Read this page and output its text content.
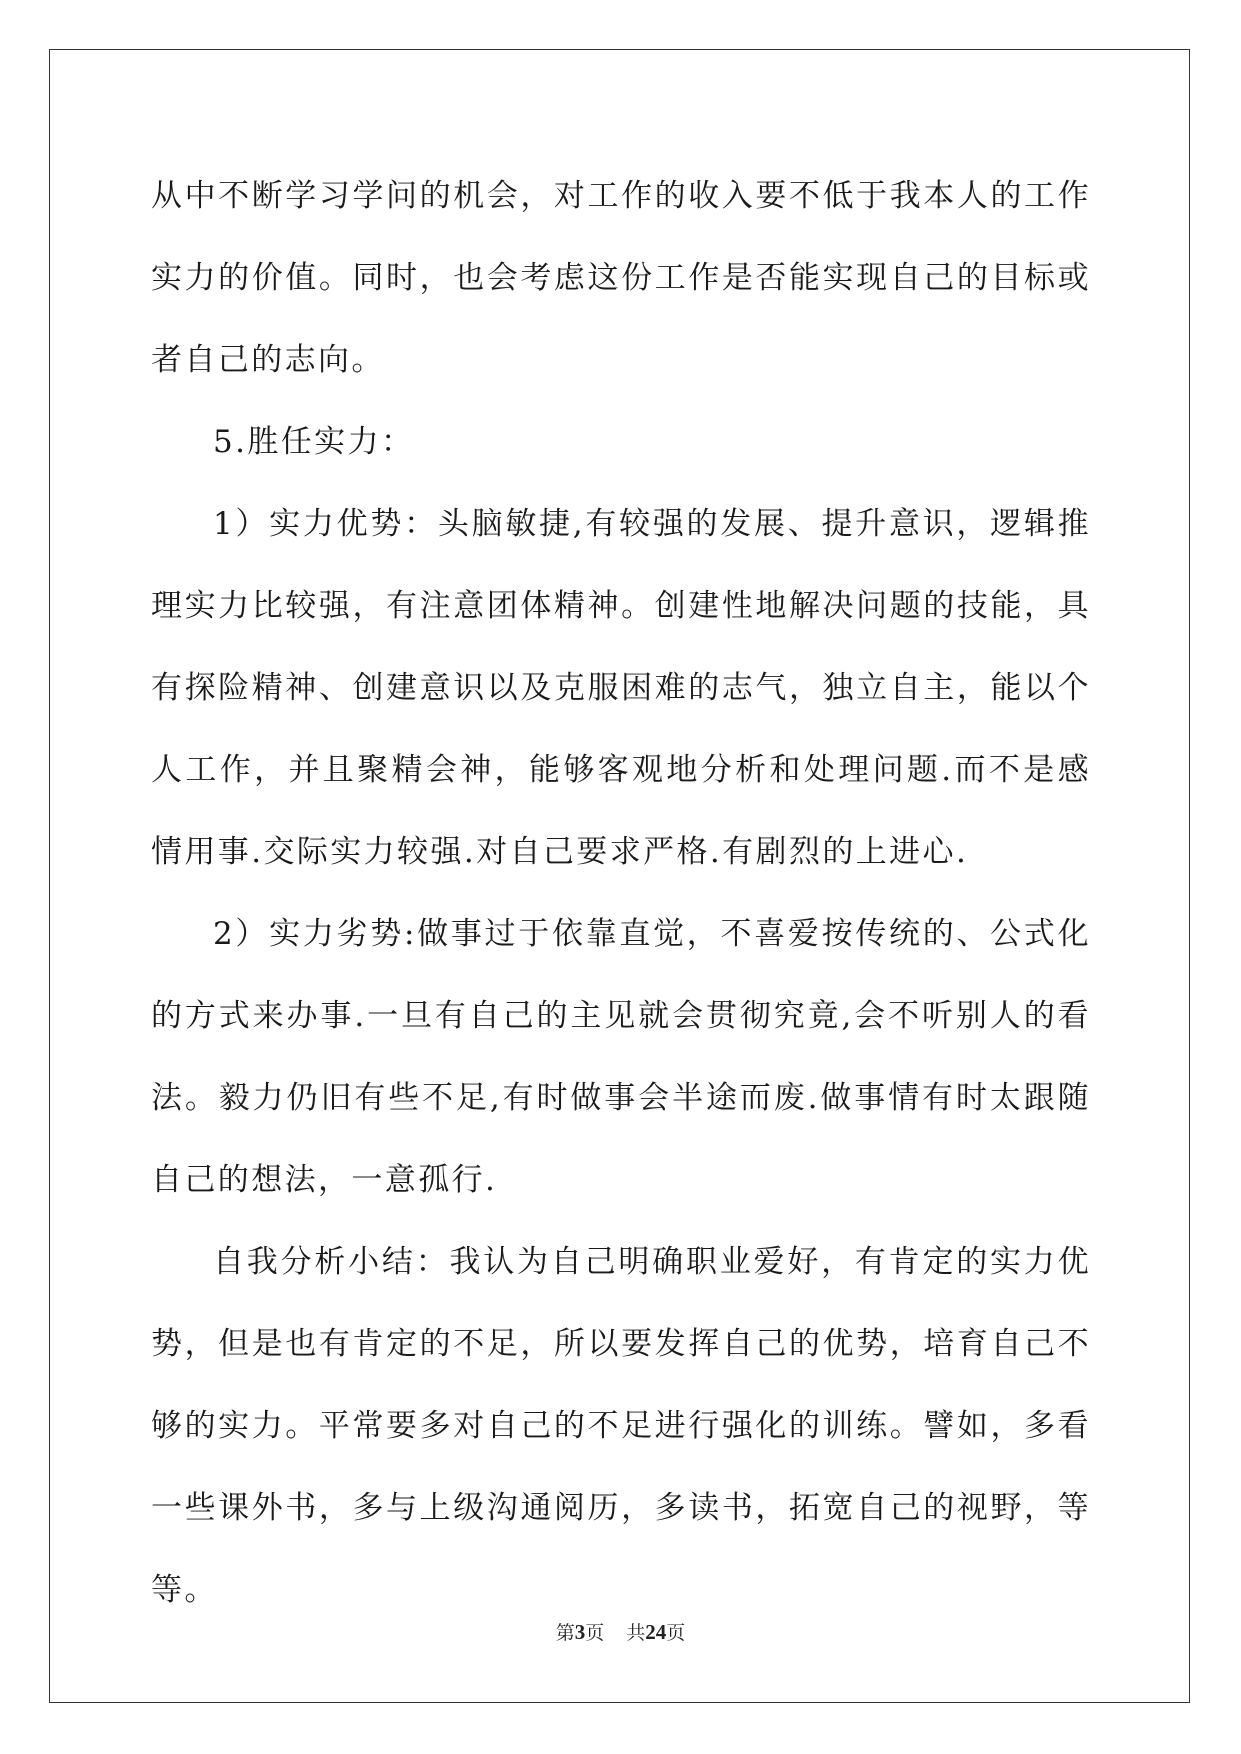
从中不断学习学问的机会，对工作的收入要不低于我本人的工作实力的价值。同时，也会考虑这份工作是否能实现自己的目标或者自己的志向。

5.胜任实力：

1）实力优势：头脑敏捷,有较强的发展、提升意识，逻辑推理实力比较强，有注意团体精神。创建性地解决问题的技能，具有探险精神、创建意识以及克服困难的志气，独立自主，能以个人工作，并且聚精会神，能够客观地分析和处理问题.而不是感情用事.交际实力较强.对自己要求严格.有剧烈的上进心.

2）实力劣势:做事过于依靠直觉，不喜爱按传统的、公式化的方式来办事.一旦有自己的主见就会贯彻究竟,会不听别人的看法。毅力仍旧有些不足,有时做事会半途而废.做事情有时太跟随自己的想法，一意孤行.

自我分析小结：我认为自己明确职业爱好，有肯定的实力优势，但是也有肯定的不足，所以要发挥自己的优势，培育自己不够的实力。平常要多对自己的不足进行强化的训练。譬如，多看一些课外书，多与上级沟通阅历，多读书，拓宽自己的视野，等等。

第3页 共24页
